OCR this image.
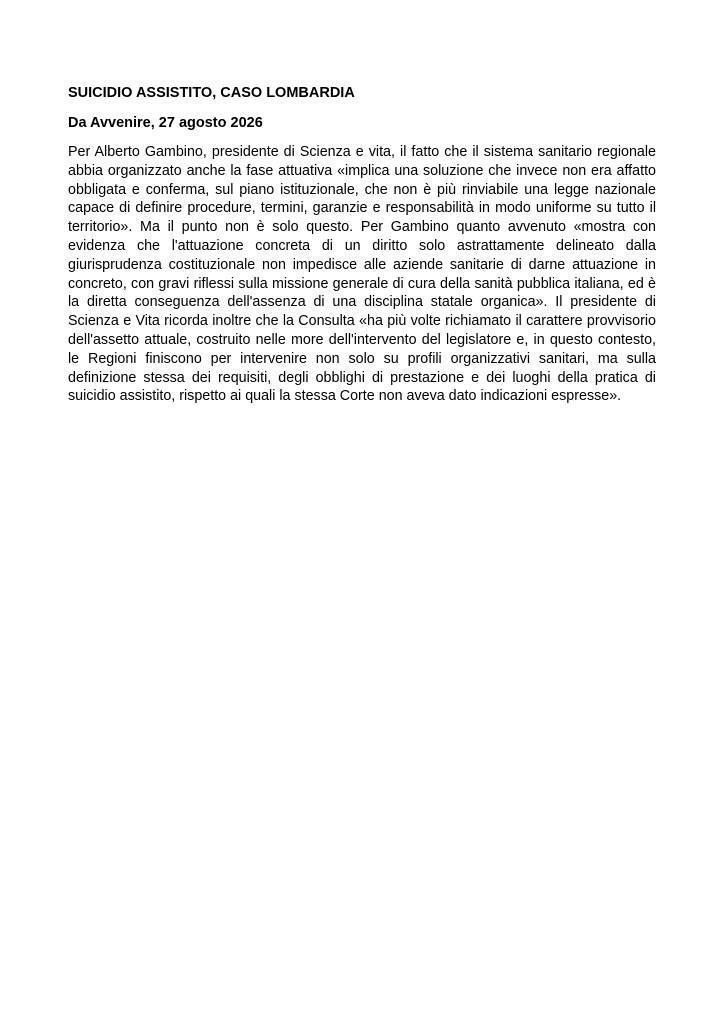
SUICIDIO ASSISTITO, CASO LOMBARDIA

Da Avvenire, 27 agosto 2026

Per Alberto Gambino, presidente di Scienza e vita, il fatto che il sistema sanitario regionale abbia organizzato anche la fase attuativa «implica una soluzione che invece non era affatto obbligata e conferma, sul piano istituzionale, che non è più rinviabile una legge nazionale capace di definire procedure, termini, garanzie e responsabilità in modo uniforme su tutto il territorio». Ma il punto non è solo questo. Per Gambino quanto avvenuto «mostra con evidenza che l'attuazione concreta di un diritto solo astrattamente delineato dalla giurisprudenza costituzionale non impedisce alle aziende sanitarie di darne attuazione in concreto, con gravi riflessi sulla missione generale di cura della sanità pubblica italiana, ed è la diretta conseguenza dell'assenza di una disciplina statale organica». Il presidente di Scienza e Vita ricorda inoltre che la Consulta «ha più volte richiamato il carattere provvisorio dell'assetto attuale, costruito nelle more dell'intervento del legislatore e, in questo contesto, le Regioni finiscono per intervenire non solo su profili organizzativi sanitari, ma sulla definizione stessa dei requisiti, degli obblighi di prestazione e dei luoghi della pratica di suicidio assistito, rispetto ai quali la stessa Corte non aveva dato indicazioni espresse».
